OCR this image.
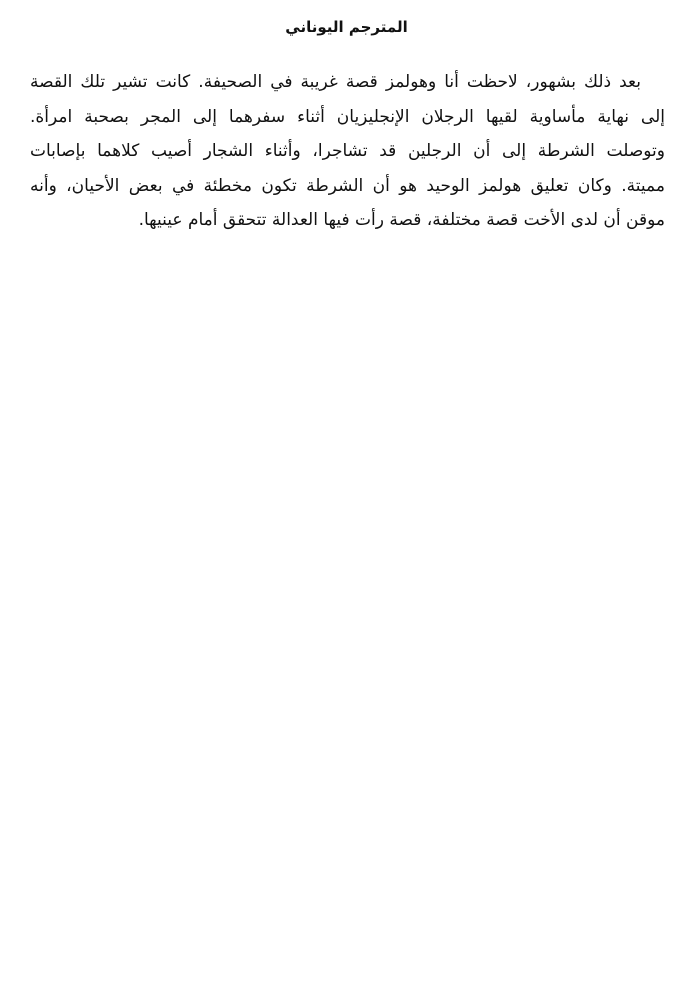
المترجم اليوناني

بعد ذلك بشهور، لاحظت أنا وهولمز قصة غريبة في الصحيفة. كانت تشير تلك القصة
إلى نهاية مأساوية لقيها الرجلان الإنجليزيان أثناء سفرهما إلى المجر بصحبة امرأة.
وتوصلت الشرطة إلى أن الرجلين قد تشاجرا، وأثناء الشجار أصيب كلاهما بإصابات
مميتة. وكان تعليق هولمز الوحيد هو أن الشرطة تكون مخطئة في بعض الأحيان، وأنه
موقن أن لدى الأخت قصة مختلفة، قصة رأت فيها العدالة تتحقق أمام عينيها.
